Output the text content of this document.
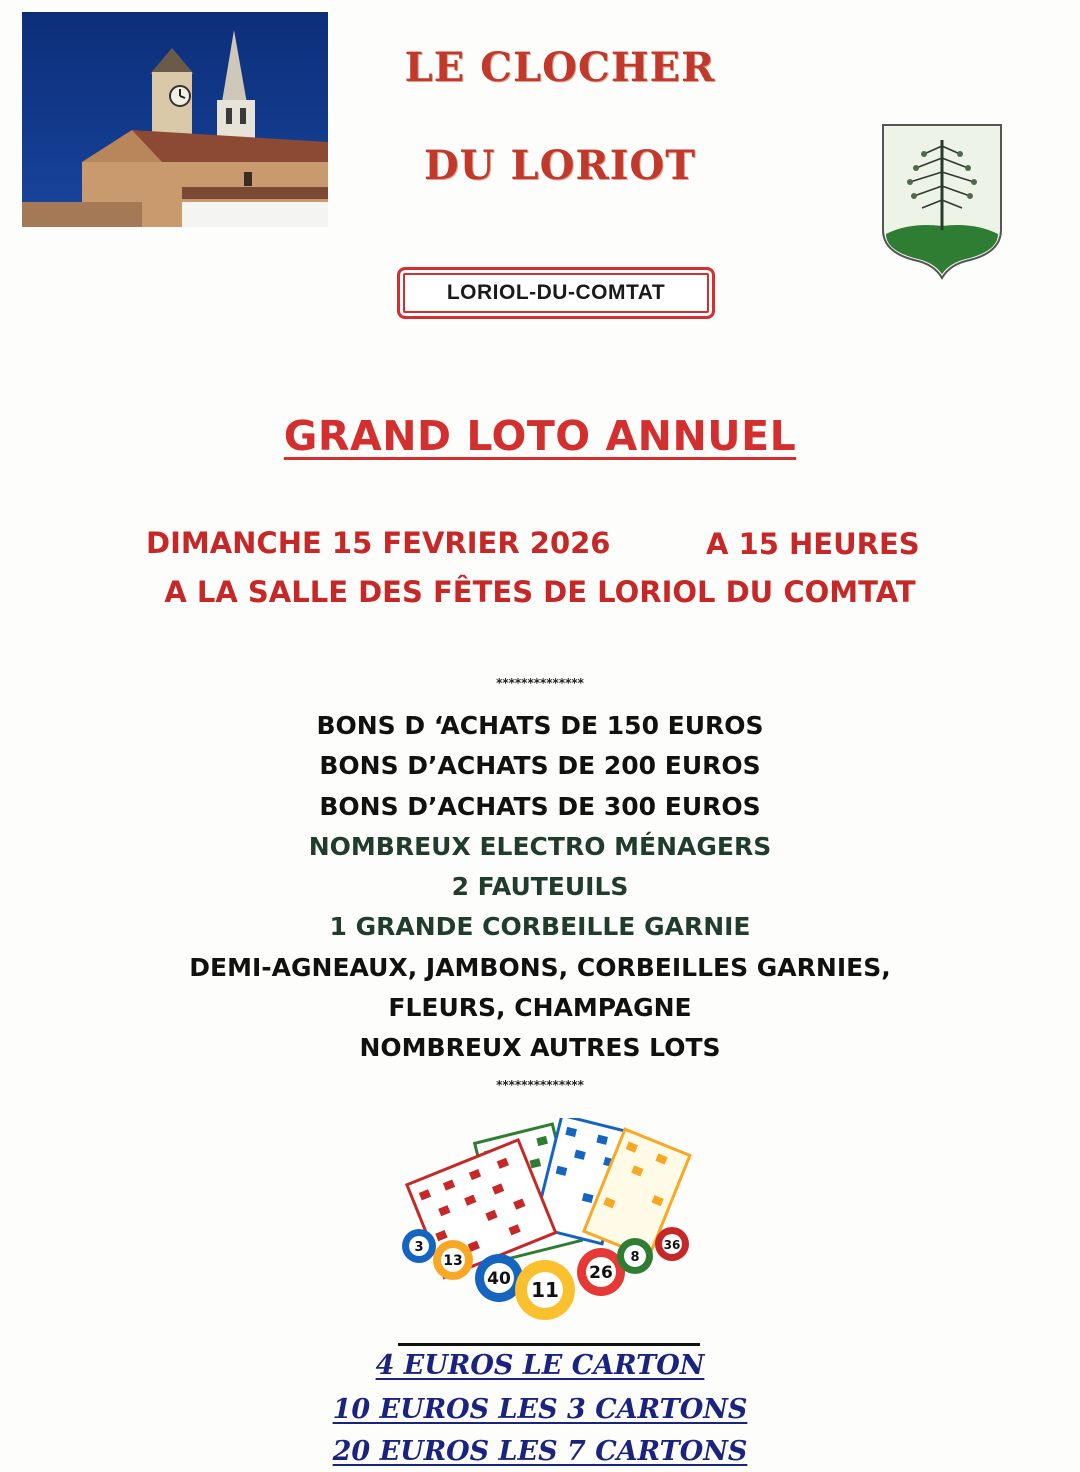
LE CLOCHER
DU LORIOT
LORIOL-DU-COMTAT
GRAND LOTO ANNUEL
DIMANCHE 15 FEVRIER 2026	A 15 HEURES
A LA SALLE DES FÊTES DE LORIOL DU COMTAT
**************
BONS D ‘ACHATS DE 150 EUROS
BONS D’ACHATS DE 200 EUROS
BONS D’ACHATS DE 300 EUROS
NOMBREUX ELECTRO MÉNAGERS
2 FAUTEUILS
1 GRANDE CORBEILLE GARNIE
DEMI-AGNEAUX, JAMBONS, CORBEILLES GARNIES,
FLEURS, CHAMPAGNE
NOMBREUX AUTRES LOTS
**************
3
13
40 11
26
8
36
4 EUROS LE CARTON
10 EUROS LES 3 CARTONS
20 EUROS LES 7 CARTONS
